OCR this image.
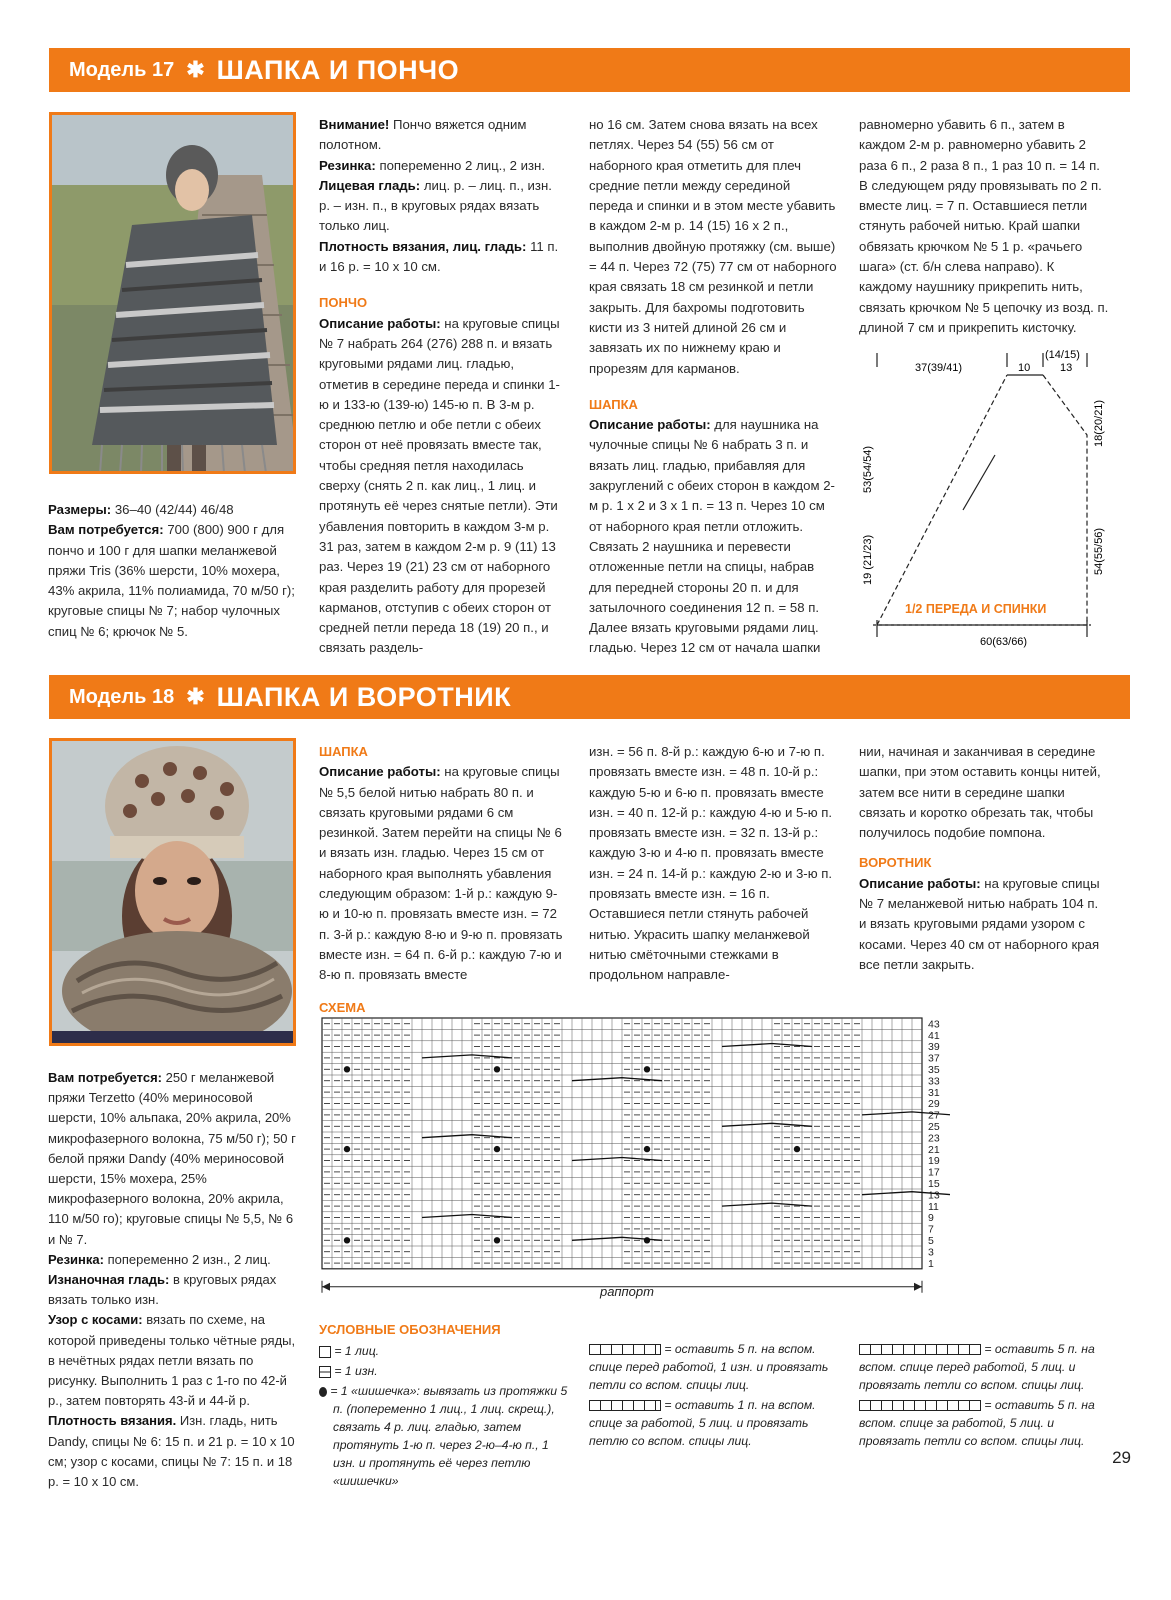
Модель 17 ✱ ШАПКА И ПОНЧО

Размеры: 36–40 (42/44) 46/48

Вам потребуется: 700 (800) 900 г для пончо и 100 г для шапки меланжевой пряжи Tris (36% шерсти, 10% мохера, 43% акрила, 11% полиамида, 70 м/50 г); круговые спицы № 7; набор чулочных спиц № 6; крючок № 5.

Внимание! Пончо вяжется одним полотном.

Резинка: попеременно 2 лиц., 2 изн.

Лицевая гладь: лиц. р. – лиц. п., изн. р. – изн. п., в круговых рядах вязать только лиц.

Плотность вязания, лиц. гладь: 11 п. и 16 р. = 10 х 10 см.

ПОНЧО

Описание работы: на круговые спицы № 7 набрать 264 (276) 288 п. и вязать круговыми рядами лиц. гладью, отметив в середине переда и спинки 1-ю и 133-ю (139-ю) 145-ю п. В 3-м р. среднюю петлю и обе петли с обеих сторон от неё провязать вместе так, чтобы средняя петля находилась сверху (снять 2 п. как лиц., 1 лиц. и протянуть её через снятые петли). Эти убавления повторить в каждом 3-м р. 31 раз, затем в каждом 2-м р. 9 (11) 13 раз. Через 19 (21) 23 см от наборного края разделить работу для прорезей карманов, отступив с обеих сторон от средней петли переда 18 (19) 20 п., и связать раздель-

но 16 см. Затем снова вязать на всех петлях. Через 54 (55) 56 см от наборного края отметить для плеч средние петли между серединой переда и спинки и в этом месте убавить в каждом 2-м р. 14 (15) 16 х 2 п., выполнив двойную протяжку (см. выше) = 44 п. Через 72 (75) 77 см от наборного края связать 18 см резинкой и петли закрыть. Для бахромы подготовить кисти из 3 нитей длиной 26 см и завязать их по нижнему краю и прорезям для карманов.

ШАПКА

Описание работы: для наушника на чулочные спицы № 6 набрать 3 п. и вязать лиц. гладью, прибавляя для закруглений с обеих сторон в каждом 2-м р. 1 х 2 и 3 х 1 п. = 13 п. Через 10 см от наборного края петли отложить. Связать 2 наушника и перевести отложенные петли на спицы, набрав для передней стороны 20 п. и для затылочного соединения 12 п. = 58 п. Далее вязать круговыми рядами лиц. гладью. Через 12 см от начала шапки

равномерно убавить 6 п., затем в каждом 2-м р. равномерно убавить 2 раза 6 п., 2 раза 8 п., 1 раз 10 п. = 14 п. В следующем ряду провязывать по 2 п. вместе лиц. = 7 п. Оставшиеся петли стянуть рабочей нитью. Край шапки обвязать крючком № 5 1 р. «рачьего шага» (ст. б/н слева направо). К каждому наушнику прикрепить нить, связать крючком № 5 цепочку из возд. п. длиной 7 см и прикрепить кисточку.

37(39/41)	10
(14/15)
13
18(20/21)
54(55/56)
53(54/54)
19 (21/23)
60(63/66)
1/2 ПЕРЕДА И СПИНКИ
Модель 18 ✱ ШАПКА И ВОРОТНИК

Вам потребуется: 250 г меланжевой пряжи Terzetto (40% мериносовой шерсти, 10% альпака, 20% акрила, 20% микрофазерного волокна, 75 м/50 г); 50 г белой пряжи Dandy (40% мериносовой шерсти, 15% мохера, 25% микрофазерного волокна, 20% акрила, 110 м/50 го); круговые спицы № 5,5, № 6 и № 7.

Резинка: попеременно 2 изн., 2 лиц.

Изнаночная гладь: в круговых рядах вязать только изн.

Узор с косами: вязать по схеме, на которой приведены только чётные ряды, в нечётных рядах петли вязать по рисунку. Выполнить 1 раз с 1-го по 42-й р., затем повторять 43-й и 44-й р.

Плотность вязания. Изн. гладь, нить Dandy, спицы № 6: 15 п. и 21 р. = 10 х 10 см; узор с косами, спицы № 7: 15 п. и 18 р. = 10 х 10 см.

ШАПКА

Описание работы: на круговые спицы № 5,5 белой нитью набрать 80 п. и связать круговыми рядами 6 см резинкой. Затем перейти на спицы № 6 и вязать изн. гладью. Через 15 см от наборного края выполнять убавления следующим образом: 1-й р.: каждую 9-ю и 10-ю п. провязать вместе изн. = 72 п. 3-й р.: каждую 8-ю и 9-ю п. провязать вместе изн. = 64 п. 6-й р.: каждую 7-ю и 8-ю п. провязать вместе

изн. = 56 п. 8-й р.: каждую 6-ю и 7-ю п. провязать вместе изн. = 48 п. 10-й р.: каждую 5-ю и 6-ю п. провязать вместе изн. = 40 п. 12-й р.: каждую 4-ю и 5-ю п. провязать вместе изн. = 32 п. 13-й р.: каждую 3-ю и 4-ю п. провязать вместе изн. = 24 п. 14-й р.: каждую 2-ю и 3-ю п. провязать вместе изн. = 16 п. Оставшиеся петли стянуть рабочей нитью. Украсить шапку меланжевой нитью смёточными стежками в продольном направле-

нии, начиная и заканчивая в середине шапки, при этом оставить концы нитей, затем все нити в середине шапки связать и коротко обрезать так, чтобы получилось подобие помпона.

ВОРОТНИК

Описание работы: на круговые спицы № 7 меланжевой нитью набрать 104 п. и вязать круговыми рядами узором с косами. Через 40 см от наборного края все петли закрыть.

СХЕМА
43
41
39
37
35
33
31
29
27
25
23
21
19
17
15
13
11
9
7
5
3
1
раппорт
УСЛОВНЫЕ ОБОЗНАЧЕНИЯ

= 1 лиц.

= 1 изн.

= 1 «шишечка»: вывязать из протяжки 5 п. (попеременно 1 лиц., 1 лиц. скрещ.), связать 4 р. лиц. гладью, затем протянуть 1-ю п. через 2-ю–4-ю п., 1 изн. и протянуть её через петлю «шишечки»

= оставить 5 п. на вспом. спице перед работой, 1 изн. и провязать петли со вспом. спицы лиц.

= оставить 1 п. на вспом. спице за работой, 5 лиц. и провязать петлю со вспом. спицы лиц.

= оставить 5 п. на вспом. спице перед работой, 5 лиц. и провязать петли со вспом. спицы лиц.

= оставить 5 п. на вспом. спице за работой, 5 лиц. и провязать петли со вспом. спицы лиц.

29
